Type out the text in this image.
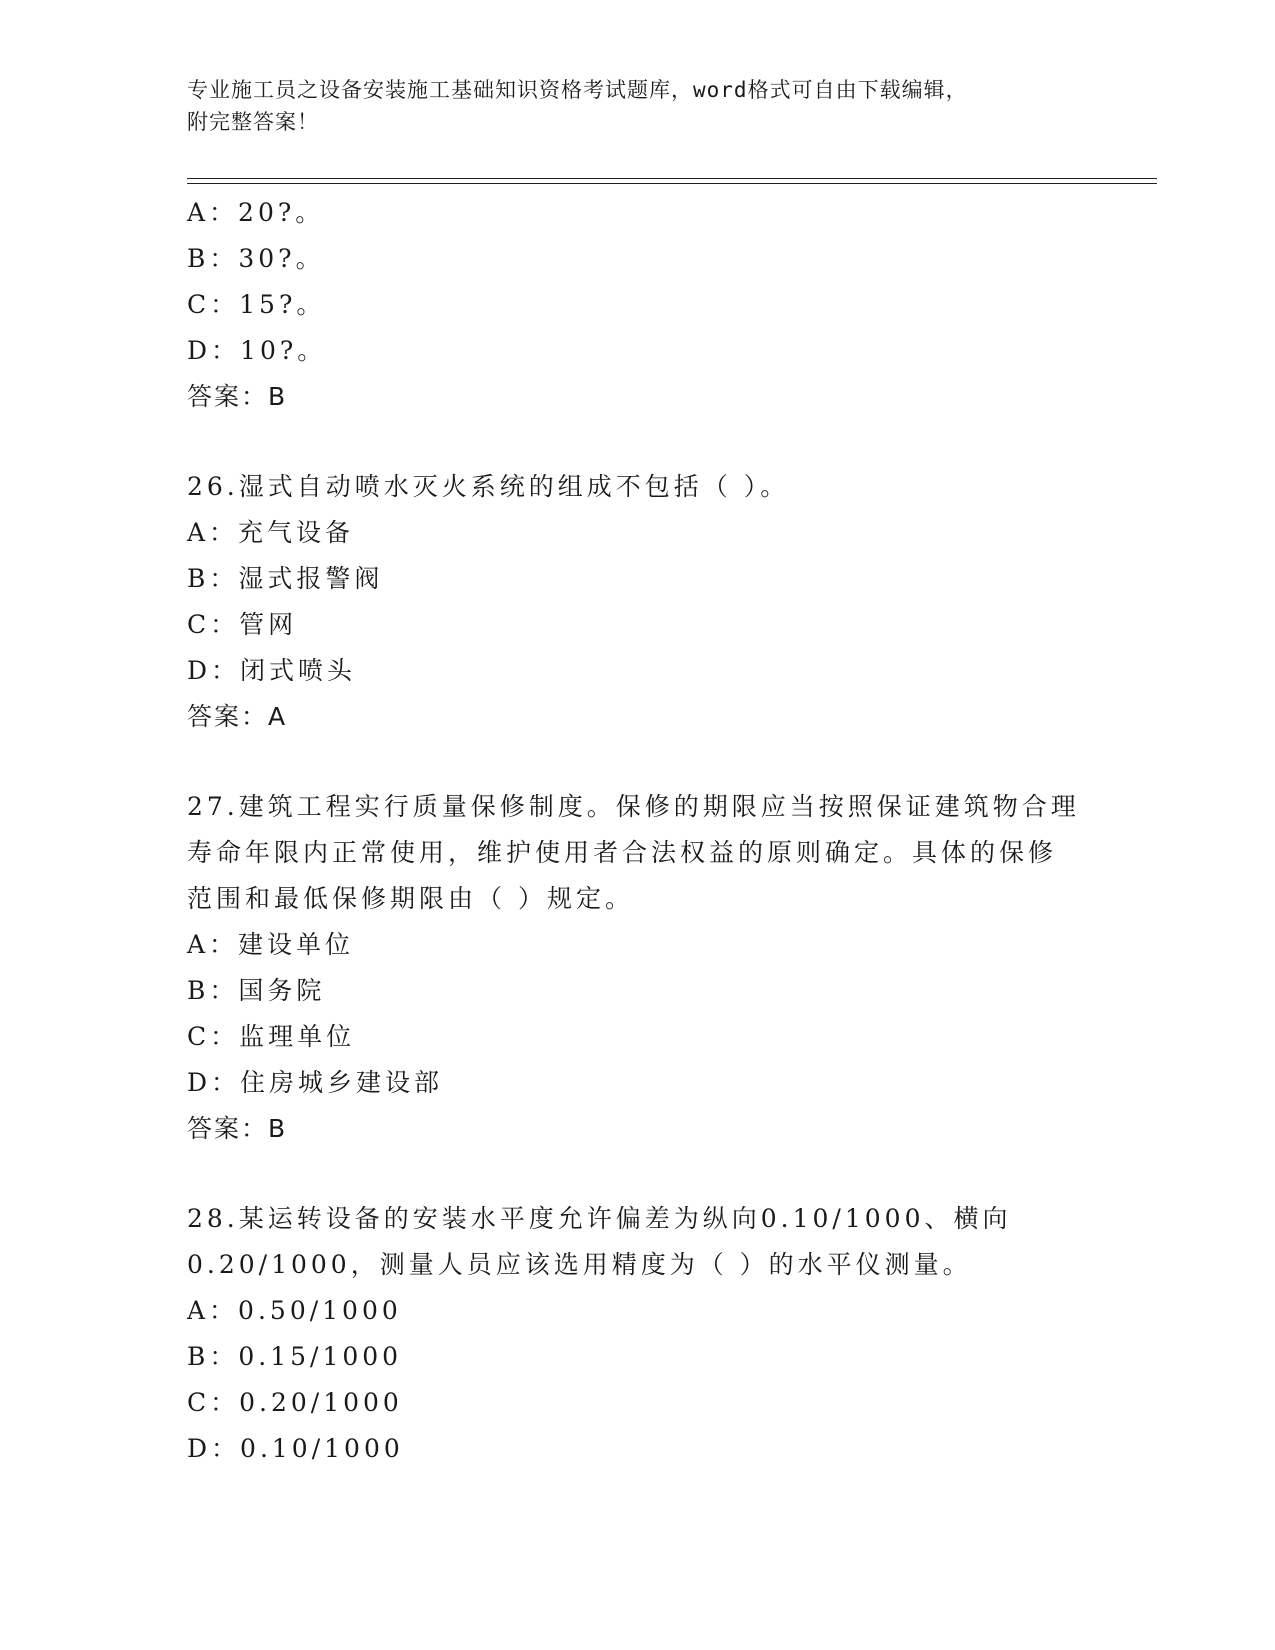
专业施工员之设备安装施工基础知识资格考试题库，word格式可自由下载编辑，
附完整答案！
A：20?。
B：30?。
C：15?。
D：10?。
答案：B
26.湿式自动喷水灭火系统的组成不包括（ ）。
A：充气设备
B：湿式报警阀
C：管网
D：闭式喷头
答案：A
27.建筑工程实行质量保修制度。保修的期限应当按照保证建筑物合理
寿命年限内正常使用，维护使用者合法权益的原则确定。具体的保修
范围和最低保修期限由（ ）规定。
A：建设单位
B：国务院
C：监理单位
D：住房城乡建设部
答案：B
28.某运转设备的安装水平度允许偏差为纵向0.10/1000、横向
0.20/1000，测量人员应该选用精度为（ ）的水平仪测量。
A：0.50/1000
B：0.15/1000
C：0.20/1000
D：0.10/1000
